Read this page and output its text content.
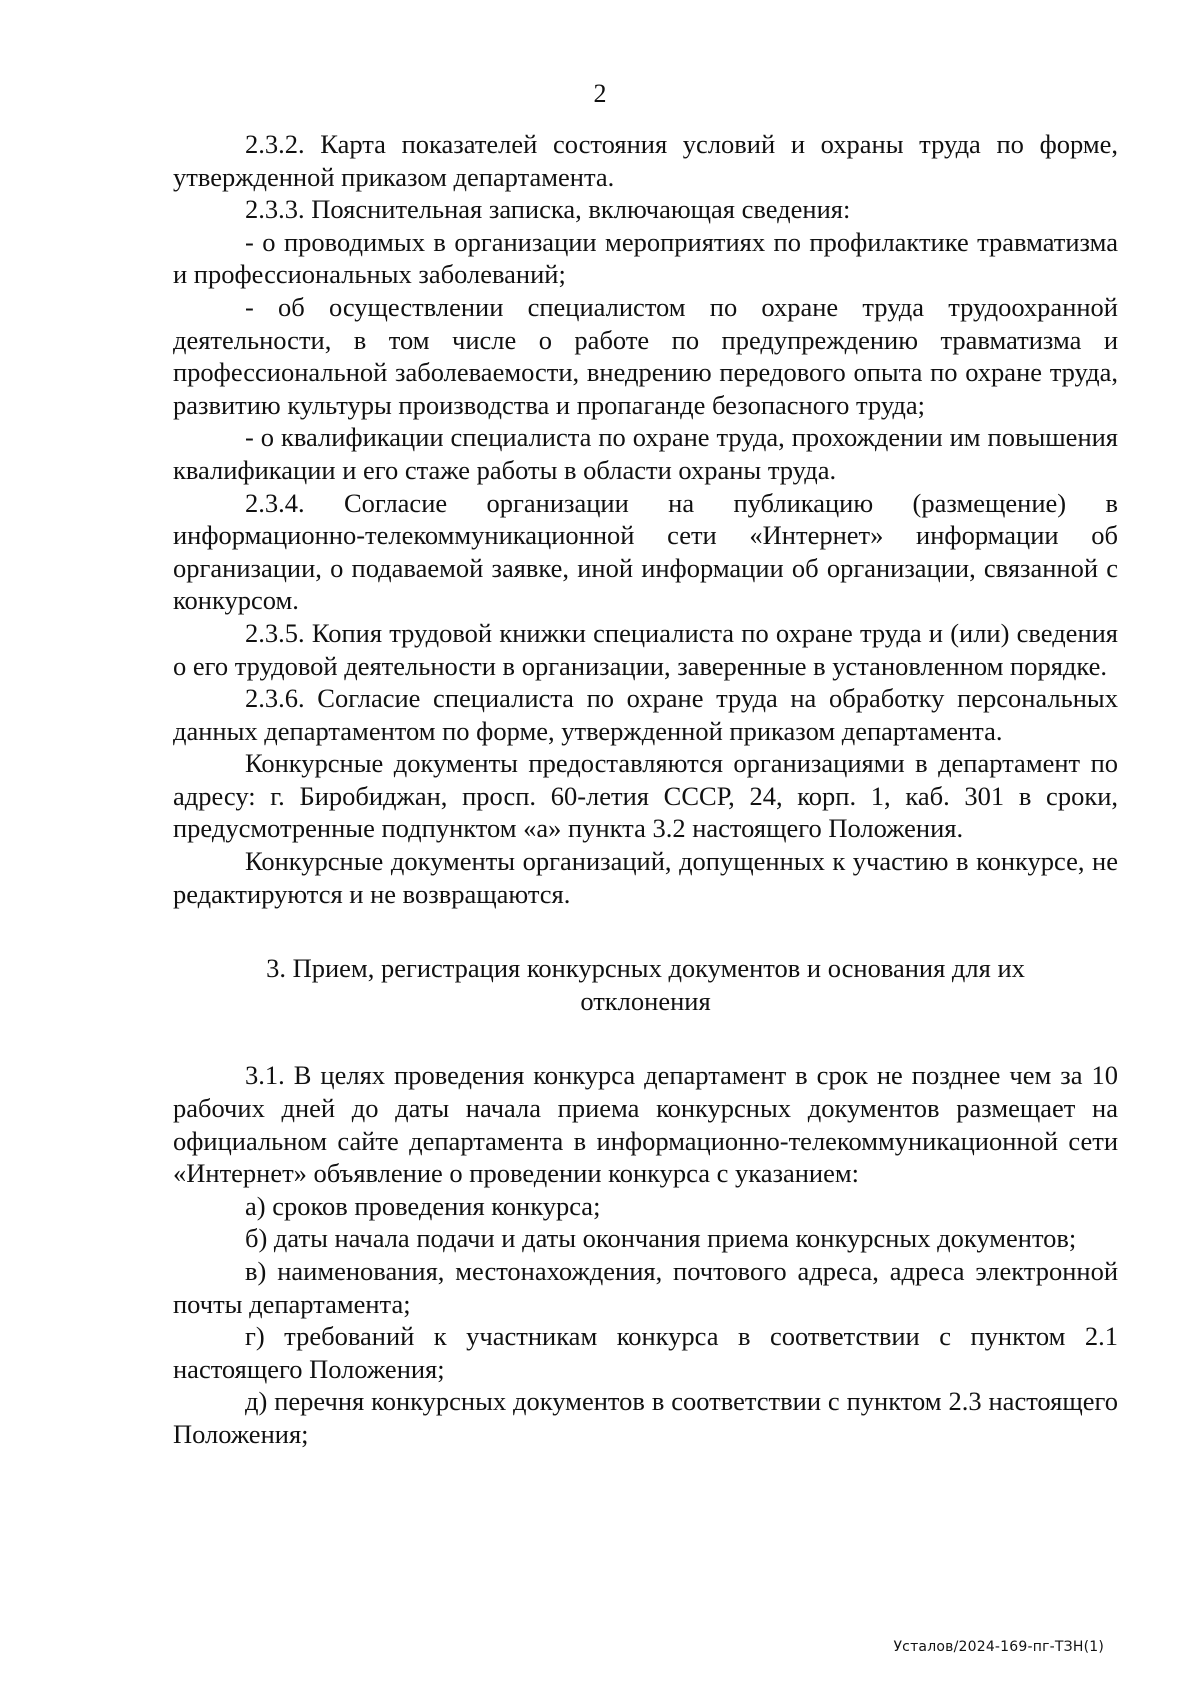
2

2.3.2. Карта показателей состояния условий и охраны труда по форме, утвержденной приказом департамента.

2.3.3. Пояснительная записка, включающая сведения:

- о проводимых в организации мероприятиях по профилактике травматизма и профессиональных заболеваний;

- об осуществлении специалистом по охране труда трудоохранной деятельности, в том числе о работе по предупреждению травматизма и профессиональной заболеваемости, внедрению передового опыта по охране труда, развитию культуры производства и пропаганде безопасного труда;

- о квалификации специалиста по охране труда, прохождении им повышения квалификации и его стаже работы в области охраны труда.

2.3.4. Согласие организации на публикацию (размещение) в информационно-телекоммуникационной сети «Интернет» информации об организации, о подаваемой заявке, иной информации об организации, связанной с конкурсом.

2.3.5. Копия трудовой книжки специалиста по охране труда и (или) сведения о его трудовой деятельности в организации, заверенные в установленном порядке.

2.3.6. Согласие специалиста по охране труда на обработку персональных данных департаментом по форме, утвержденной приказом департамента.

Конкурсные документы предоставляются организациями в департамент по адресу: г. Биробиджан, просп. 60-летия СССР, 24, корп. 1, каб. 301 в сроки, предусмотренные подпунктом «а» пункта 3.2 настоящего Положения.

Конкурсные документы организаций, допущенных к участию в конкурсе, не редактируются и не возвращаются.

3. Прием, регистрация конкурсных документов и основания для их отклонения

3.1. В целях проведения конкурса департамент в срок не позднее чем за 10 рабочих дней до даты начала приема конкурсных документов размещает на официальном сайте департамента в информационно-телекоммуникационной сети «Интернет» объявление о проведении конкурса с указанием:

а) сроков проведения конкурса;

б) даты начала подачи и даты окончания приема конкурсных документов;

в) наименования, местонахождения, почтового адреса, адреса электронной почты департамента;

г) требований к участникам конкурса в соответствии с пунктом 2.1 настоящего Положения;

д) перечня конкурсных документов в соответствии с пунктом 2.3 настоящего Положения;

Усталов/2024-169-пг-ТЗН(1)
